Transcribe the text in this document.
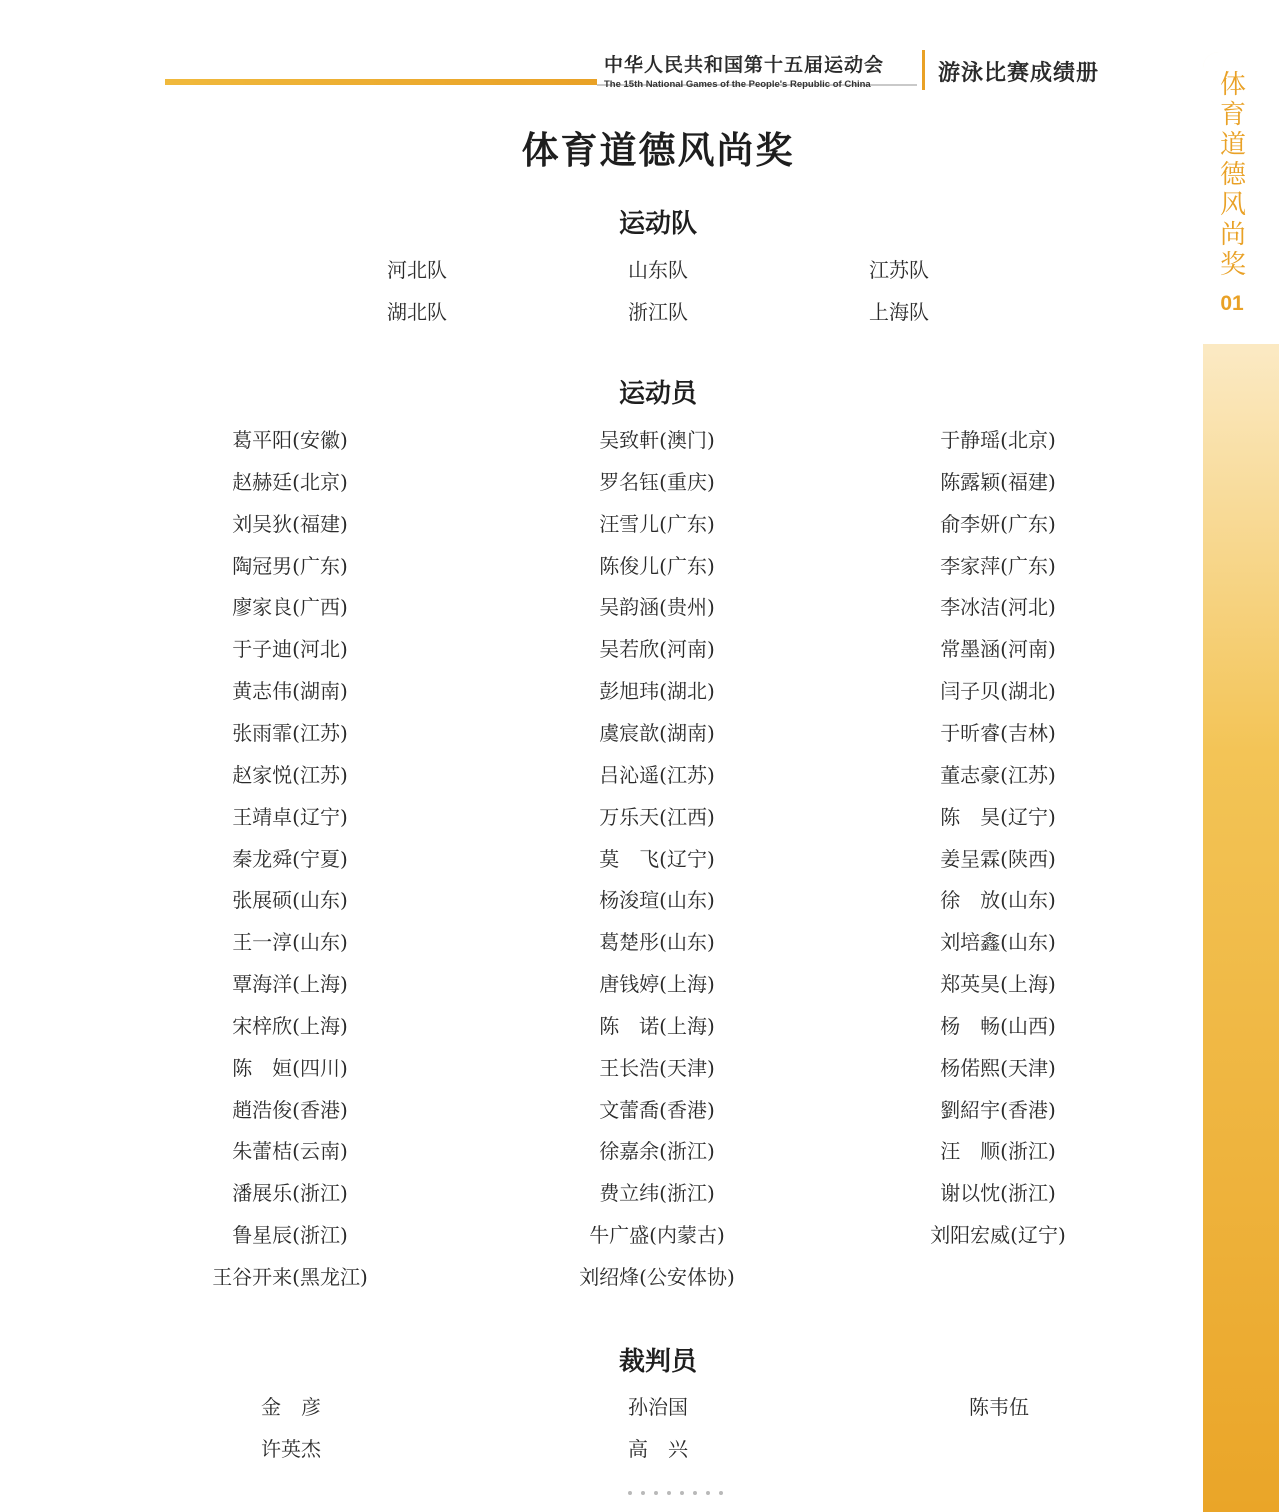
中华人民共和国第十五届运动会
The 15th National Games of the People's Republic of China	游泳比赛成绩册	体育道德风尚奖
01
体育道德风尚奖
运动队
河北队	山东队	江苏队
湖北队	浙江队	上海队
运动员
葛平阳(安徽)	吴致軒(澳门)	于静瑶(北京)
赵赫廷(北京)	罗名钰(重庆)	陈露颖(福建)
刘吴狄(福建)	汪雪儿(广东)	俞李妍(广东)
陶冠男(广东)	陈俊儿(广东)	李家萍(广东)
廖家良(广西)	吴韵涵(贵州)	李冰洁(河北)
于子迪(河北)	吴若欣(河南)	常墨涵(河南)
黄志伟(湖南)	彭旭玮(湖北)	闫子贝(湖北)
张雨霏(江苏)	虞宸歆(湖南)	于昕睿(吉林)
赵家悦(江苏)	吕沁遥(江苏)	董志豪(江苏)
王靖卓(辽宁)	万乐天(江西)	陈　昊(辽宁)
秦龙舜(宁夏)	莫　飞(辽宁)	姜呈霖(陕西)
张展硕(山东)	杨浚瑄(山东)	徐　放(山东)
王一淳(山东)	葛楚彤(山东)	刘培鑫(山东)
覃海洋(上海)	唐钱婷(上海)	郑英昊(上海)
宋梓欣(上海)	陈　诺(上海)	杨　畅(山西)
陈　姮(四川)	王长浩(天津)	杨偌熙(天津)
趙浩俊(香港)	文蕾喬(香港)	劉紹宇(香港)
朱蕾桔(云南)	徐嘉余(浙江)	汪　顺(浙江)
潘展乐(浙江)	费立纬(浙江)	谢以忱(浙江)
鲁星辰(浙江)	牛广盛(内蒙古)	刘阳宏威(辽宁)
王谷开来(黑龙江)	刘绍烽(公安体协)
裁判员
金　彦	孙治国	陈韦伍
许英杰	高　兴
